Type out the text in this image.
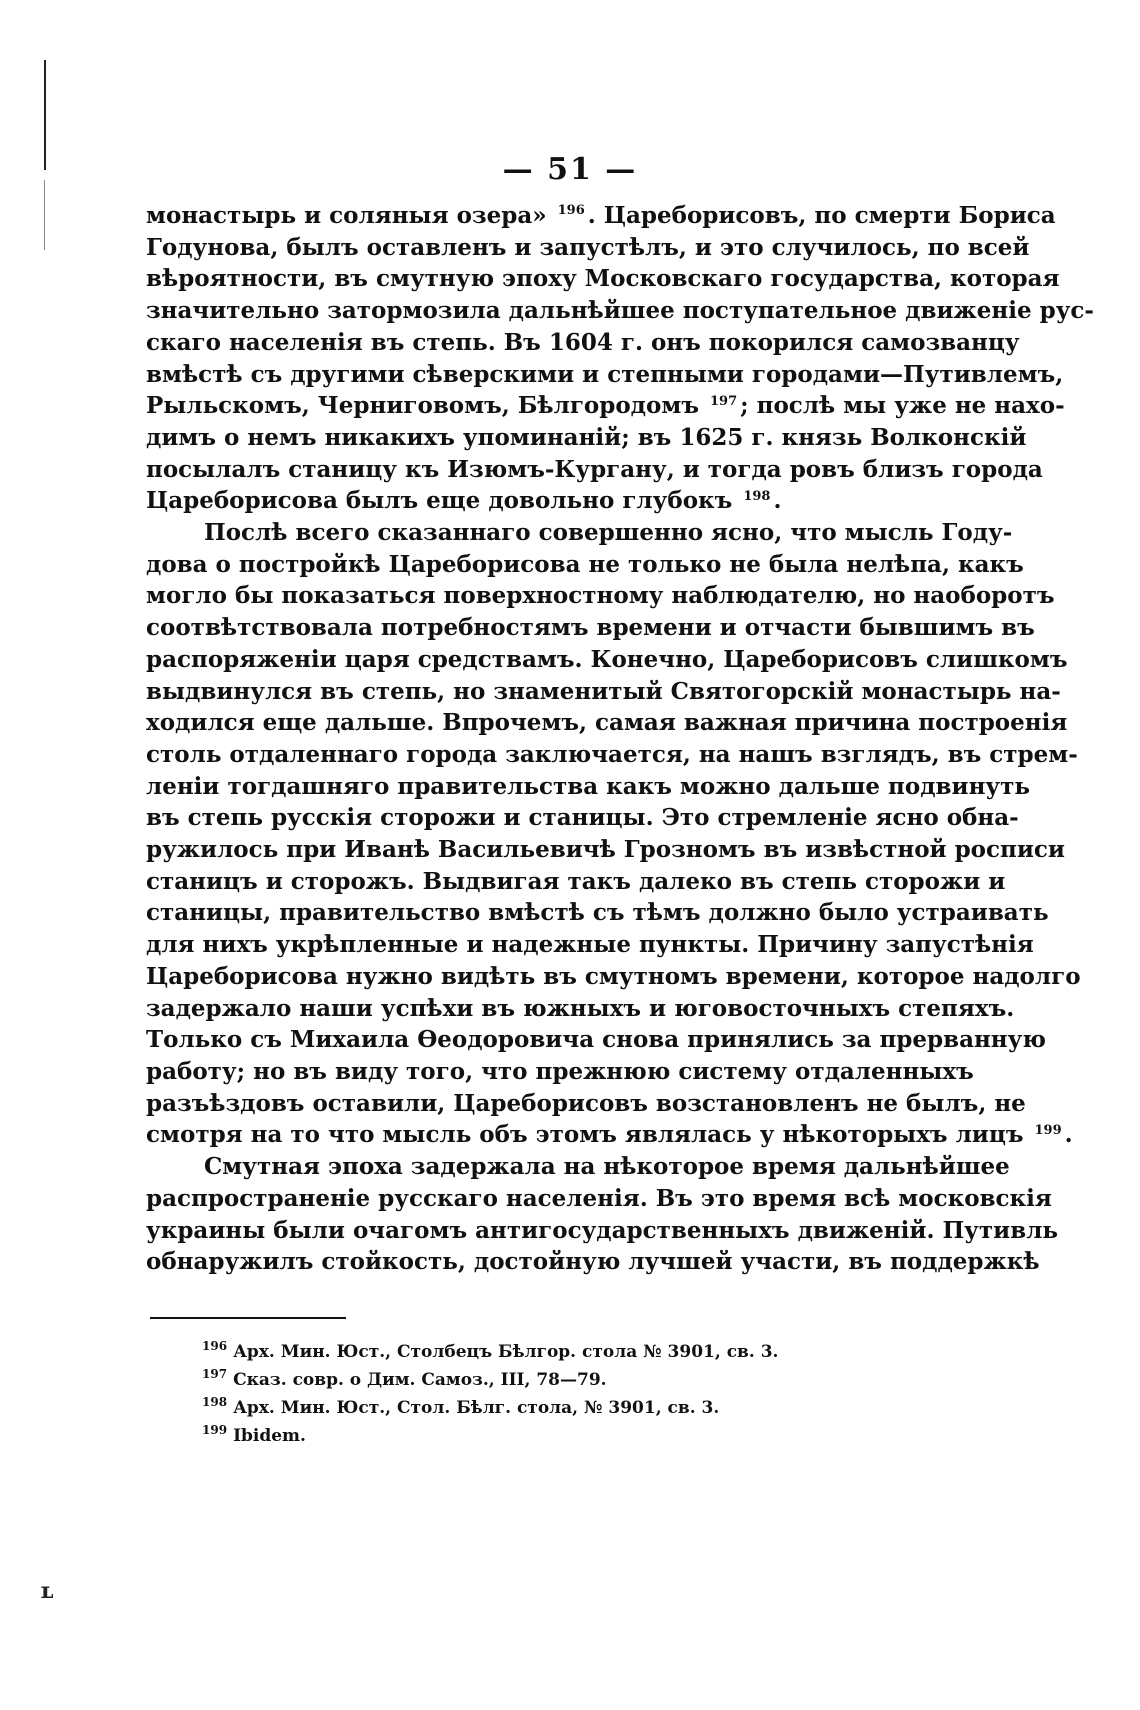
ʟ
— 51 —
монастырь и соляныя озера» $^{196}$ . Цареборисовъ, по смерти Бориса
Годунова, былъ оставленъ и запустѣлъ, и это случилось, по всей
вѣроятности, въ смутную эпоху Московскаго государства, которая
значительно затормозила дальнѣйшее поступательное движеніе рус-
скаго населенія въ степь. Въ 1604 г. онъ покорился самозванцу
вмѣстѣ съ другими сѣверскими и степными городами—Путивлемъ,
Рыльскомъ, Черниговомъ, Бѣлгородомъ $^{197}$ ; послѣ мы уже не нахо-
димъ о немъ никакихъ упоминаній; въ 1625 г. князь Волконскій
посылалъ станицу къ Изюмъ-Кургану, и тогда ровъ близъ города
Цареборисова былъ еще довольно глубокъ $^{198}$ .
Послѣ всего сказаннаго совершенно ясно, что мысль Году-
дова о постройкѣ Цареборисова не только не была нелѣпа, какъ
могло бы показаться поверхностному наблюдателю, но наоборотъ
соотвѣтствовала потребностямъ времени и отчасти бывшимъ въ
распоряженіи царя средствамъ. Конечно, Цареборисовъ слишкомъ
выдвинулся въ степь, но знаменитый Святогорскій монастырь на-
ходился еще дальше. Впрочемъ, самая важная причина построенія
столь отдаленнаго города заключается, на нашъ взглядъ, въ стрем-
леніи тогдашняго правительства какъ можно дальше подвинуть
въ степь русскія сторожи и станицы. Это стремленіе ясно обна-
ружилось при Иванѣ Васильевичѣ Грозномъ въ извѣстной росписи
станицъ и сторожъ. Выдвигая такъ далеко въ степь сторожи и
станицы, правительство вмѣстѣ съ тѣмъ должно было устраивать
для нихъ укрѣпленные и надежные пункты. Причину запустѣнія
Цареборисова нужно видѣть въ смутномъ времени, которое надолго
задержало наши успѣхи въ южныхъ и юговосточныхъ степяхъ.
Только съ Михаила Ѳеодоровича снова принялись за прерванную
работу; но въ виду того, что прежнюю систему отдаленныхъ
разъѣздовъ оставили, Цареборисовъ возстановленъ не былъ, не
смотря на то что мысль объ этомъ являлась у нѣкоторыхъ лицъ $^{199}$ .
Смутная эпоха задержала на нѣкоторое время дальнѣйшее
распространеніе русскаго населенія. Въ это время всѣ московскія
украины были очагомъ антигосударственныхъ движеній. Путивль
обнаружилъ стойкость, достойную лучшей участи, въ поддержкѣ
$^{196}$ Арх. Мин. Юст., Столбецъ Бѣлгор. стола № 3901, св. 3.
$^{197}$ Сказ. совр. о Дим. Самоз., III, 78—79.
$^{198}$ Арх. Мин. Юст., Стол. Бѣлг. стола, № 3901, св. 3.
$^{199}$ Ibidem.
